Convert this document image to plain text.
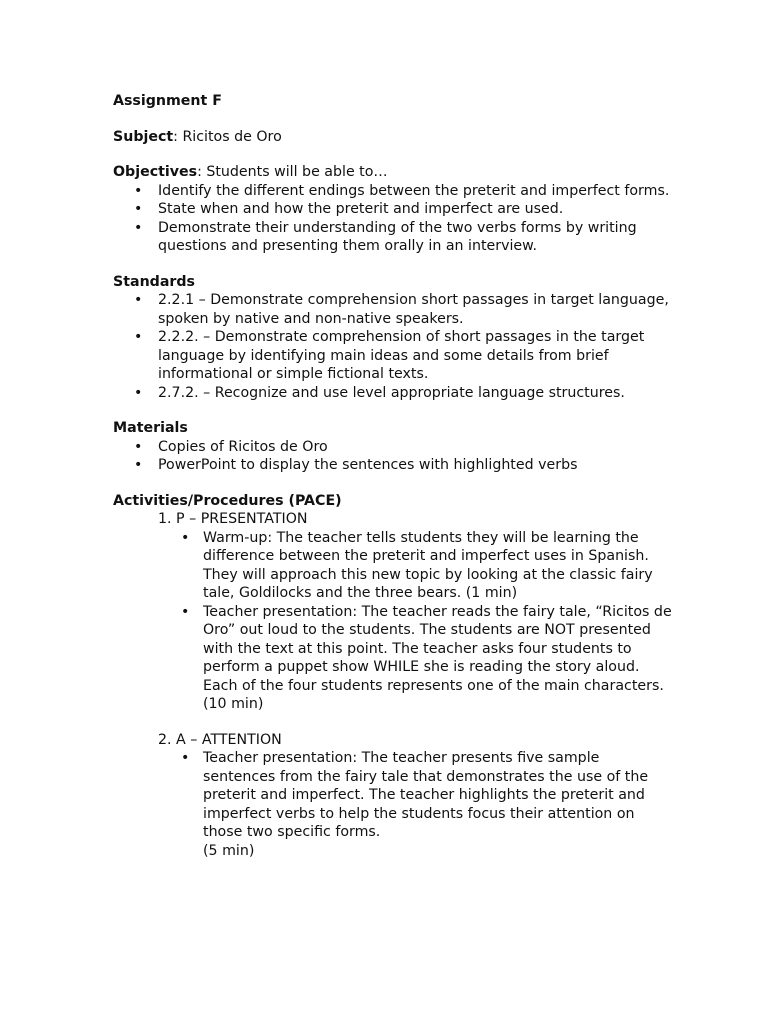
Assignment F
Subject: Ricitos de Oro
Objectives: Students will be able to…
• Identify the different endings between the preterit and imperfect forms.
• State when and how the preterit and imperfect are used.
• Demonstrate their understanding of the two verbs forms by writing questions and presenting them orally in an interview.
Standards
• 2.2.1 – Demonstrate comprehension short passages in target language, spoken by native and non-native speakers.
• 2.2.2. – Demonstrate comprehension of short passages in the target language by identifying main ideas and some details from brief informational or simple fictional texts.
• 2.7.2. – Recognize and use level appropriate language structures.
Materials
• Copies of Ricitos de Oro
• PowerPoint to display the sentences with highlighted verbs
Activities/Procedures (PACE)
1. P – PRESENTATION
• Warm-up: The teacher tells students they will be learning the difference between the preterit and imperfect uses in Spanish. They will approach this new topic by looking at the classic fairy tale, Goldilocks and the three bears. (1 min)
• Teacher presentation: The teacher reads the fairy tale, “Ricitos de Oro” out loud to the students. The students are NOT presented with the text at this point. The teacher asks four students to perform a puppet show WHILE she is reading the story aloud. Each of the four students represents one of the main characters. (10 min)
2. A – ATTENTION
• Teacher presentation: The teacher presents five sample sentences from the fairy tale that demonstrates the use of the preterit and imperfect. The teacher highlights the preterit and imperfect verbs to help the students focus their attention on those two specific forms.
(5 min)
